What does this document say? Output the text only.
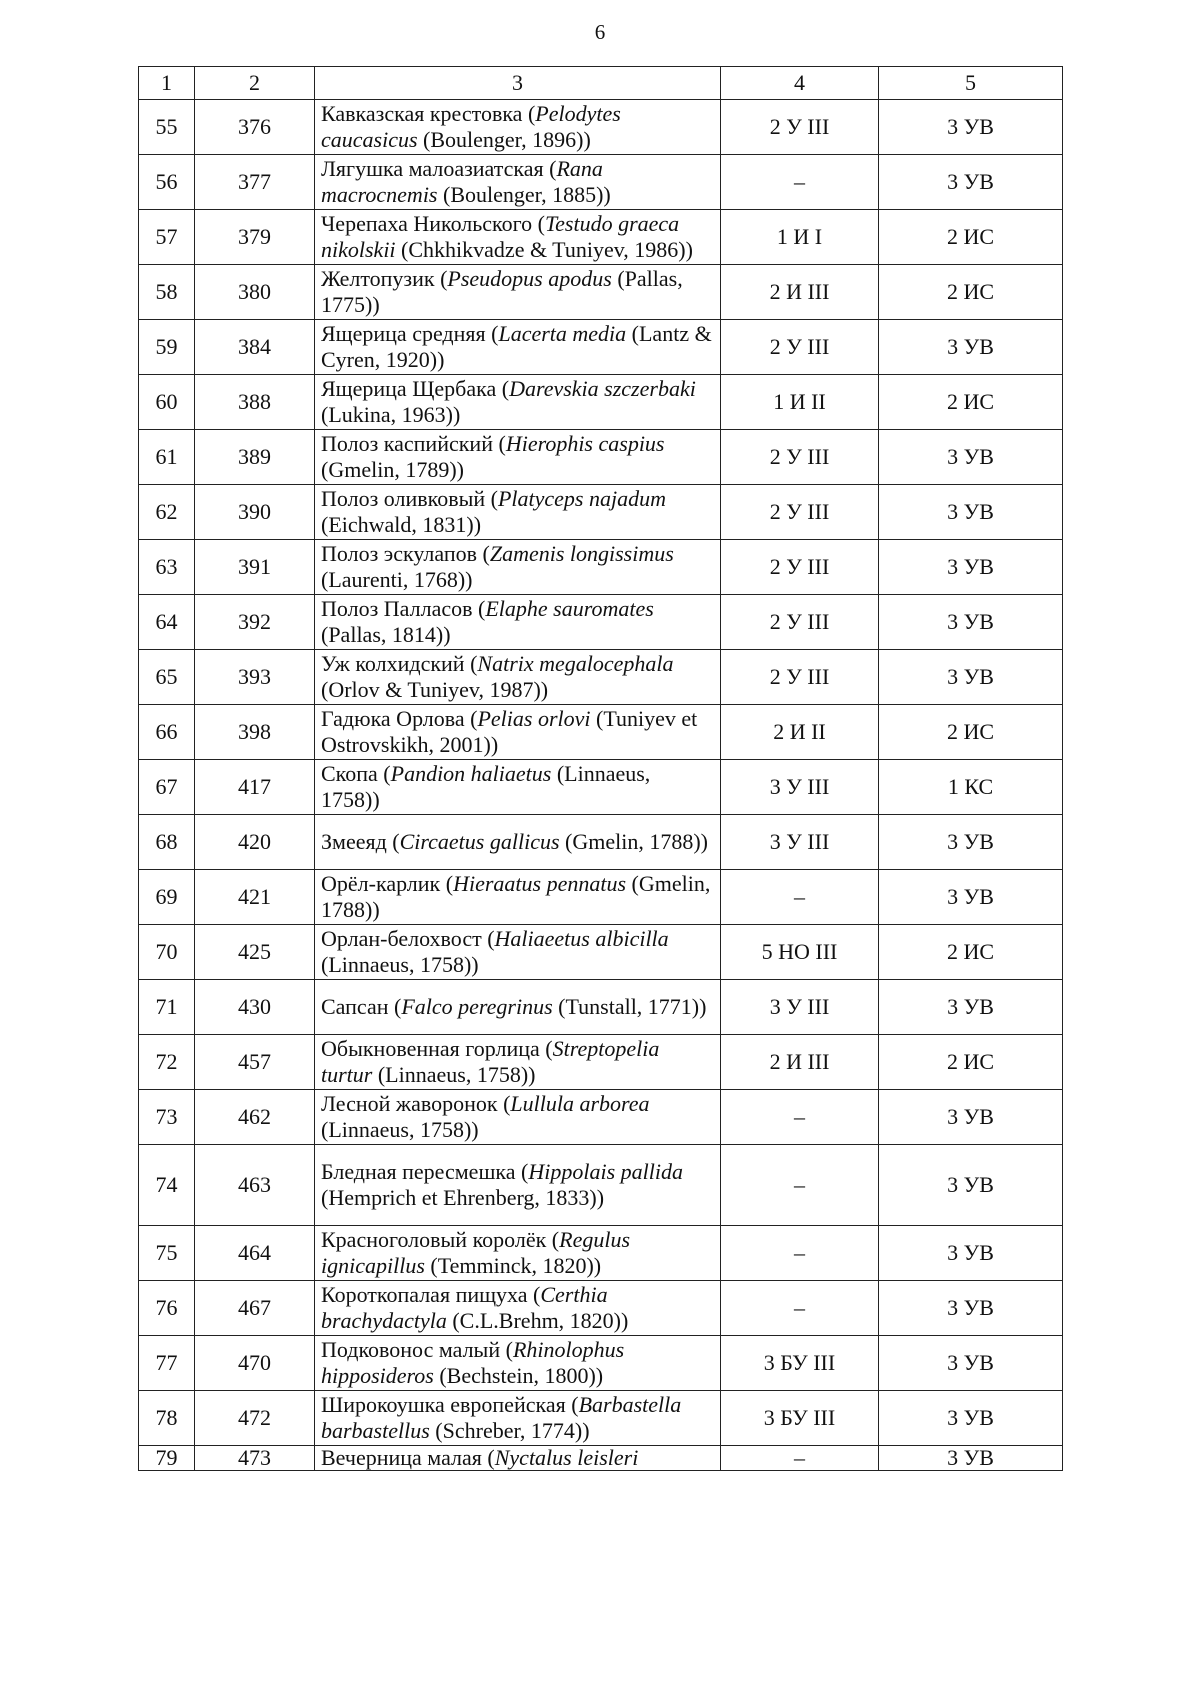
6
1	2	3	4	5
55	376	Кавказская крестовка (Pelodytes caucasicus (Boulenger, 1896))	2 У III	3 УВ
56	377	Лягушка малоазиатская (Rana macrocnemis (Boulenger, 1885))	–	3 УВ
57	379	Черепаха Никольского (Testudo graeca nikolskii (Chkhikvadze & Tuniyev, 1986))	1 И I	2 ИС
58	380	Желтопузик (Pseudopus apodus (Pallas, 1775))	2 И III	2 ИС
59	384	Ящерица средняя (Lacerta media (Lantz & Cyren, 1920))	2 У III	3 УВ
60	388	Ящерица Щербака (Darevskia szczerbaki (Lukina, 1963))	1 И II	2 ИС
61	389	Полоз каспийский (Hierophis caspius (Gmelin, 1789))	2 У III	3 УВ
62	390	Полоз оливковый (Platyceps najadum (Eichwald, 1831))	2 У III	3 УВ
63	391	Полоз эскулапов (Zamenis longissimus (Laurenti, 1768))	2 У III	3 УВ
64	392	Полоз Палласов (Elaphe sauromates (Pallas, 1814))	2 У III	3 УВ
65	393	Уж колхидский (Natrix megalocephala (Orlov & Tuniyev, 1987))	2 У III	3 УВ
66	398	Гадюка Орлова (Pelias orlovi (Tuniyev et Ostrovskikh, 2001))	2 И II	2 ИС
67	417	Скопа (Pandion haliaetus (Linnaeus, 1758))	3 У III	1 КС
68	420	Змееяд (Circaetus gallicus (Gmelin, 1788))	3 У III	3 УВ
69	421	Орёл-карлик (Hieraatus pennatus (Gmelin, 1788))	–	3 УВ
70	425	Орлан-белохвост (Haliaeetus albicilla (Linnaeus, 1758))	5 НО III	2 ИС
71	430	Сапсан (Falco peregrinus (Tunstall, 1771))	3 У III	3 УВ
72	457	Обыкновенная горлица (Streptopelia turtur (Linnaeus, 1758))	2 И III	2 ИС
73	462	Лесной жаворонок (Lullula arborea (Linnaeus, 1758))	–	3 УВ
74	463	Бледная пересмешка (Hippolais pallida (Hemprich et Ehrenberg, 1833))	–	3 УВ
75	464	Красноголовый королёк (Regulus ignicapillus (Temminck, 1820))	–	3 УВ
76	467	Короткопалая пищуха (Certhia brachydactyla (C.L.Brehm, 1820))	–	3 УВ
77	470	Подковонос малый (Rhinolophus hipposideros (Bechstein, 1800))	3 БУ III	3 УВ
78	472	Широкоушка европейская (Barbastella barbastellus (Schreber, 1774))	3 БУ III	3 УВ
79	473	Вечерница малая (Nyctalus leisleri	–	3 УВ
